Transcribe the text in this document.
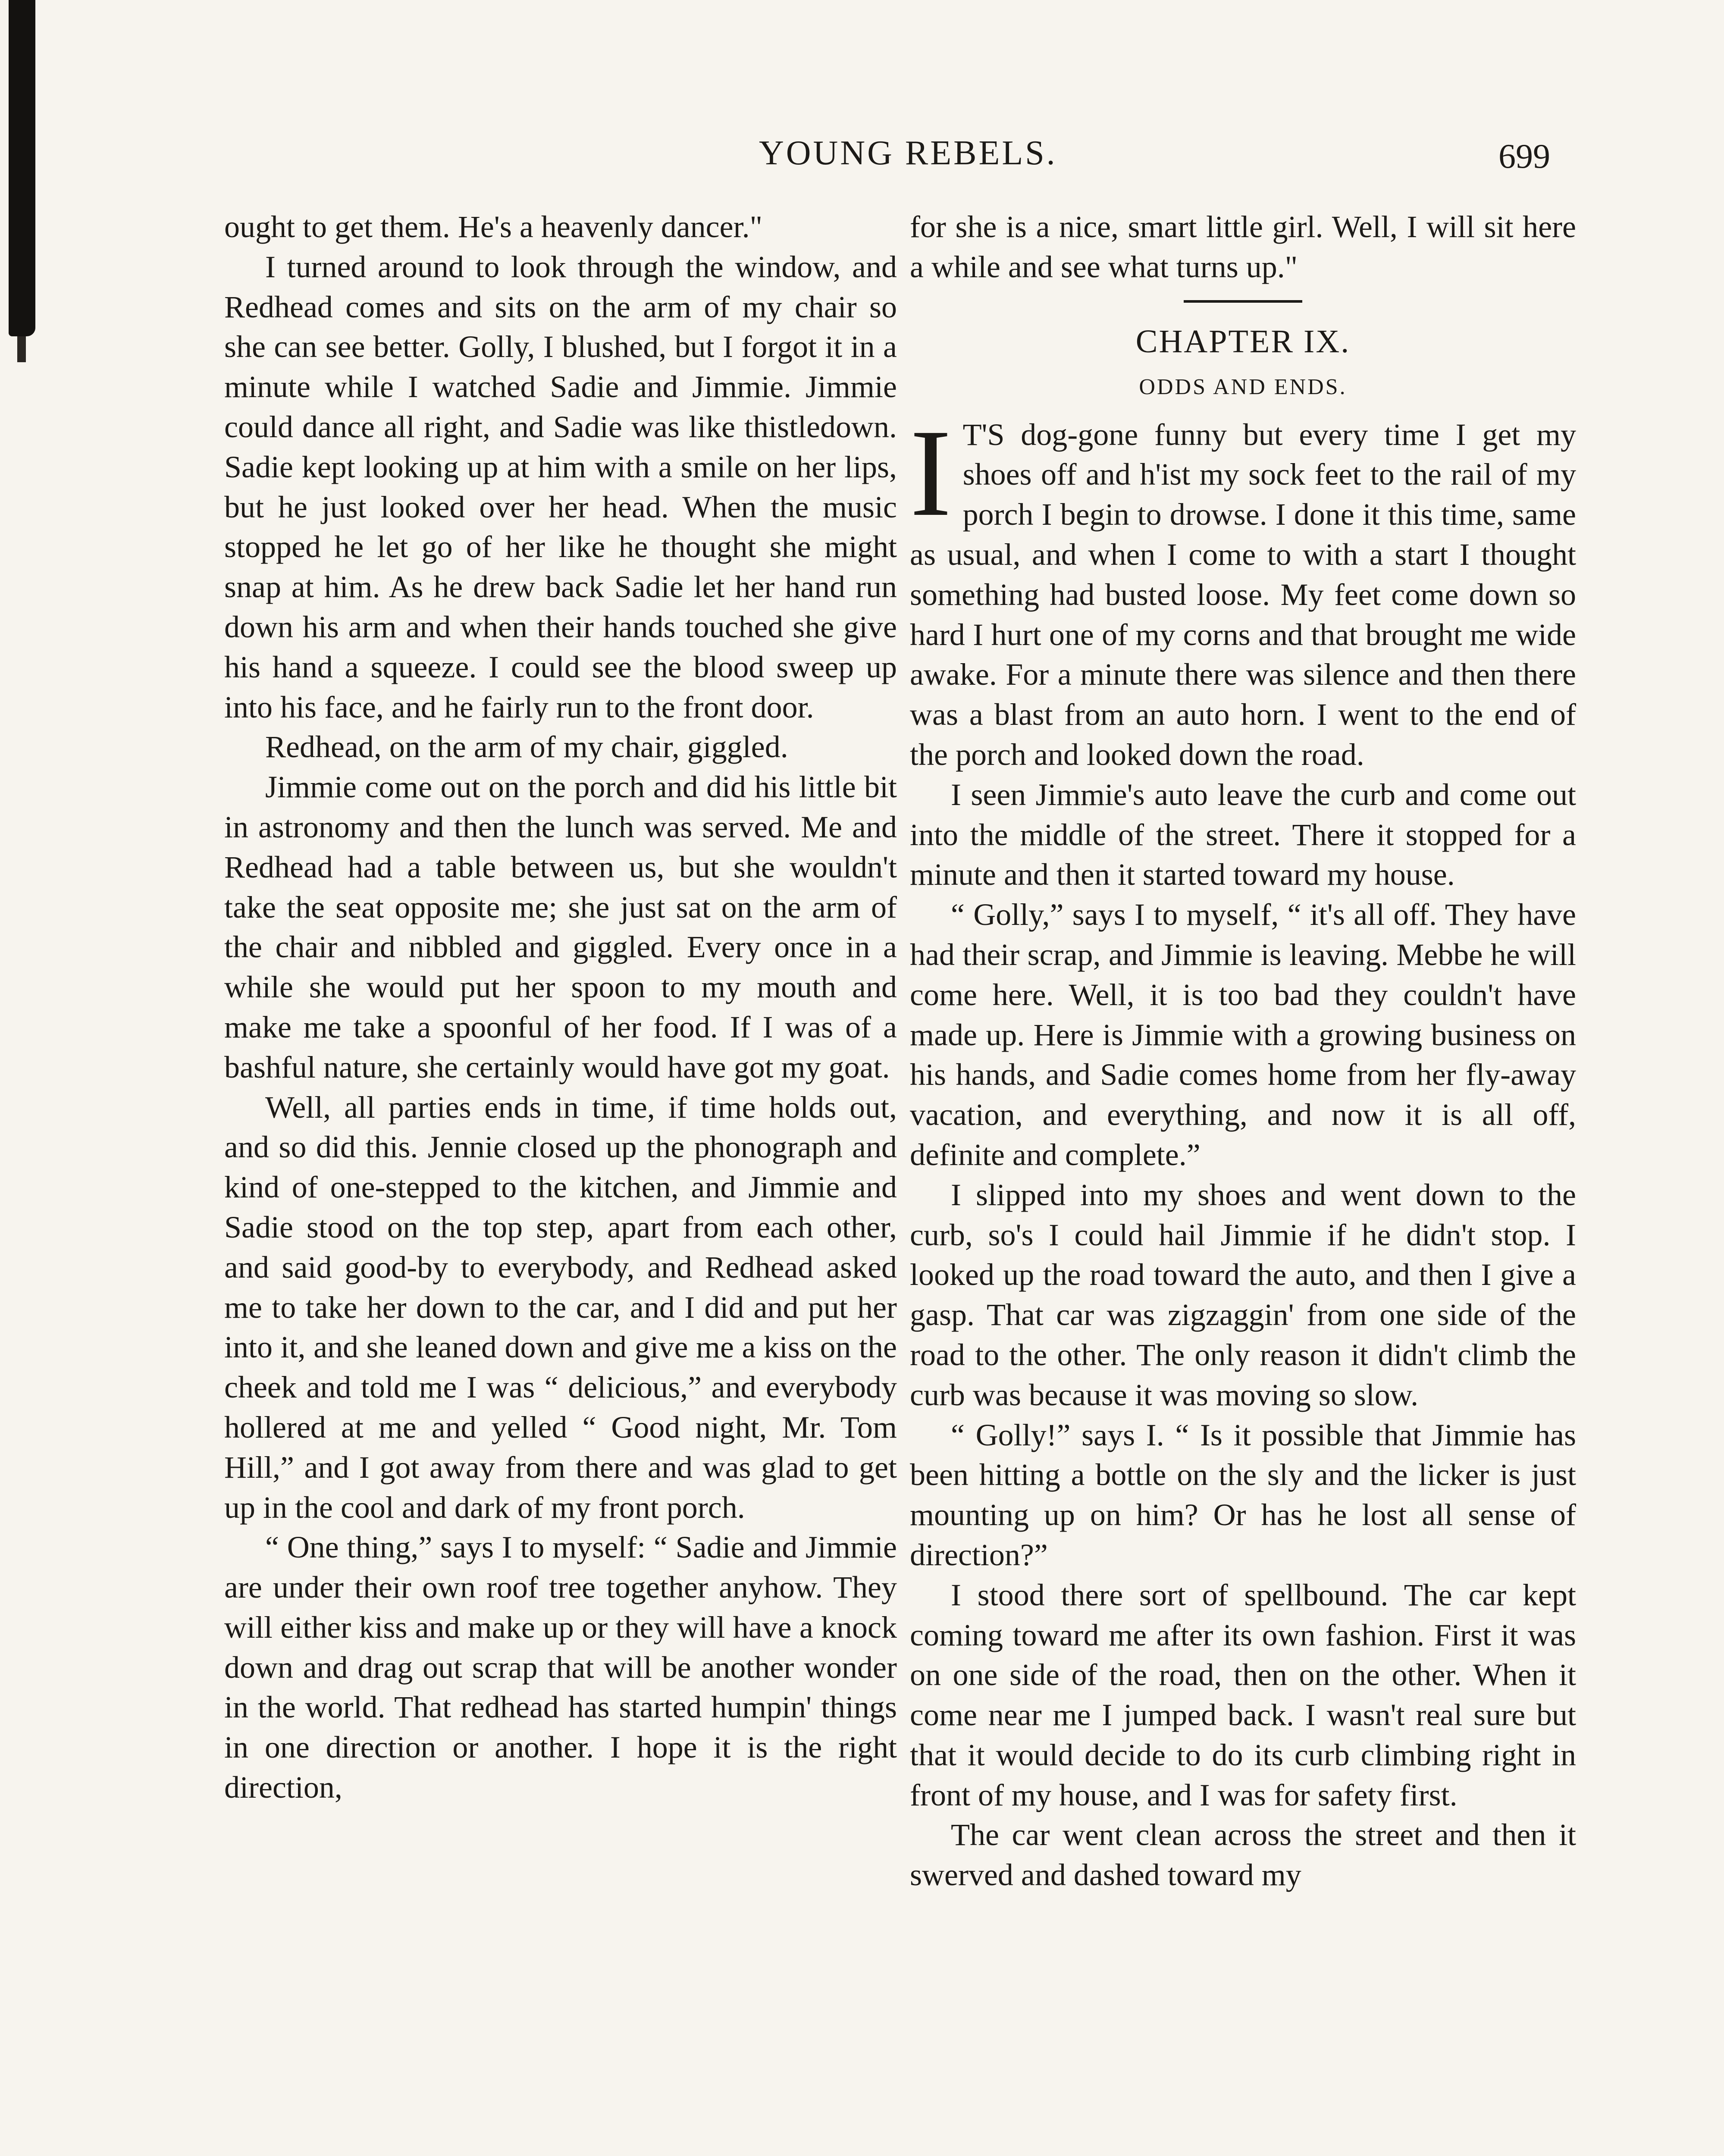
YOUNG REBELS.	699

ought to get them. He's a heavenly dancer."

I turned around to look through the window, and Redhead comes and sits on the arm of my chair so she can see better. Golly, I blushed, but I forgot it in a minute while I watched Sadie and Jimmie. Jimmie could dance all right, and Sadie was like thistledown. Sadie kept looking up at him with a smile on her lips, but he just looked over her head. When the music stopped he let go of her like he thought she might snap at him. As he drew back Sadie let her hand run down his arm and when their hands touched she give his hand a squeeze. I could see the blood sweep up into his face, and he fairly run to the front door.

Redhead, on the arm of my chair, giggled.

Jimmie come out on the porch and did his little bit in astronomy and then the lunch was served. Me and Redhead had a table between us, but she wouldn't take the seat opposite me; she just sat on the arm of the chair and nibbled and giggled. Every once in a while she would put her spoon to my mouth and make me take a spoonful of her food. If I was of a bashful nature, she certainly would have got my goat.

Well, all parties ends in time, if time holds out, and so did this. Jennie closed up the phonograph and kind of one-stepped to the kitchen, and Jimmie and Sadie stood on the top step, apart from each other, and said good-by to everybody, and Redhead asked me to take her down to the car, and I did and put her into it, and she leaned down and give me a kiss on the cheek and told me I was “ delicious,” and everybody hollered at me and yelled “ Good night, Mr. Tom Hill,” and I got away from there and was glad to get up in the cool and dark of my front porch.

“ One thing,” says I to myself: “ Sadie and Jimmie are under their own roof tree together anyhow. They will either kiss and make up or they will have a knock down and drag out scrap that will be another wonder in the world. That redhead has started humpin' things in one direction or another. I hope it is the right direction,

for she is a nice, smart little girl. Well, I will sit here a while and see what turns up."

CHAPTER IX.
ODDS AND ENDS.

I T'S dog-gone funny but every time I get my shoes off and h'ist my sock feet to the rail of my porch I begin to drowse. I done it this time, same as usual, and when I come to with a start I thought something had busted loose. My feet come down so hard I hurt one of my corns and that brought me wide awake. For a minute there was silence and then there was a blast from an auto horn. I went to the end of the porch and looked down the road.

I seen Jimmie's auto leave the curb and come out into the middle of the street. There it stopped for a minute and then it started toward my house.

“ Golly,” says I to myself, “ it's all off. They have had their scrap, and Jimmie is leaving. Mebbe he will come here. Well, it is too bad they couldn't have made up. Here is Jimmie with a growing business on his hands, and Sadie comes home from her fly-away vacation, and everything, and now it is all off, definite and complete.”

I slipped into my shoes and went down to the curb, so's I could hail Jimmie if he didn't stop. I looked up the road toward the auto, and then I give a gasp. That car was zigzaggin' from one side of the road to the other. The only reason it didn't climb the curb was because it was moving so slow.

“ Golly!” says I. “ Is it possible that Jimmie has been hitting a bottle on the sly and the licker is just mounting up on him? Or has he lost all sense of direction?”

I stood there sort of spellbound. The car kept coming toward me after its own fashion. First it was on one side of the road, then on the other. When it come near me I jumped back. I wasn't real sure but that it would decide to do its curb climbing right in front of my house, and I was for safety first.

The car went clean across the street and then it swerved and dashed toward my
